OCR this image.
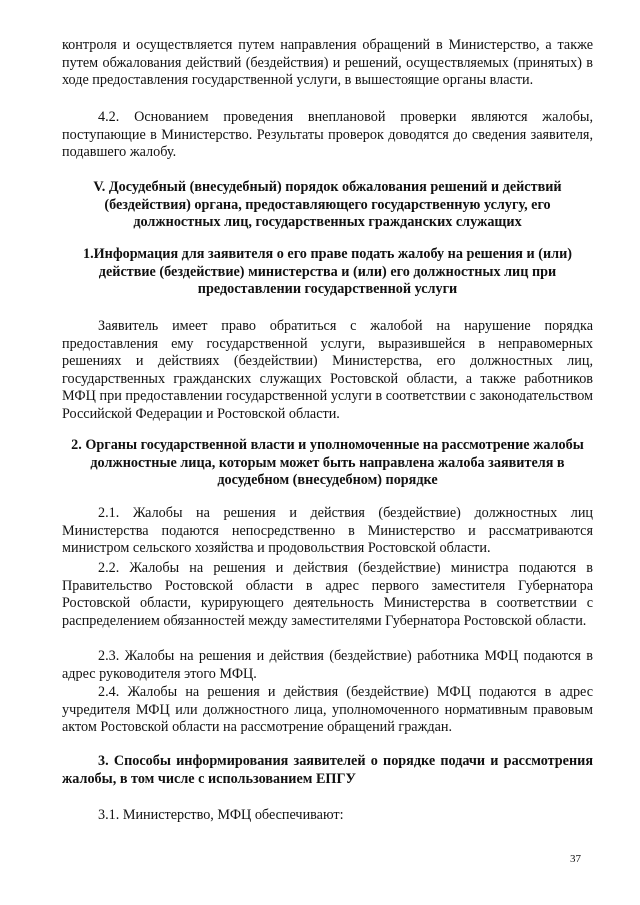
контроля и осуществляется путем направления обращений в Министерство, а также путем обжалования действий (бездействия) и решений, осуществляемых (принятых) в ходе предоставления государственной услуги, в вышестоящие органы власти.

4.2. Основанием проведения внеплановой проверки являются жалобы, поступающие в Министерство. Результаты проверок доводятся до сведения заявителя, подавшего жалобу.

V. Досудебный (внесудебный) порядок обжалования решений и действий (бездействия) органа, предоставляющего государственную услугу, его должностных лиц, государственных гражданских служащих

1.Информация для заявителя о его праве подать жалобу на решения и (или) действие (бездействие) министерства и (или) его должностных лиц при предоставлении государственной услуги

Заявитель имеет право обратиться с жалобой на нарушение порядка предоставления ему государственной услуги, выразившейся в неправомерных решениях и действиях (бездействии) Министерства, его должностных лиц, государственных гражданских служащих Ростовской области, а также работников МФЦ при предоставлении государственной услуги в соответствии с законодательством Российской Федерации и Ростовской области.

2. Органы государственной власти и уполномоченные на рассмотрение жалобы должностные лица, которым может быть направлена жалоба заявителя в досудебном (внесудебном) порядке

2.1. Жалобы на решения и действия (бездействие) должностных лиц Министерства подаются непосредственно в Министерство и рассматриваются министром сельского хозяйства и продовольствия Ростовской области.

2.2. Жалобы на решения и действия (бездействие) министра подаются в Правительство Ростовской области в адрес первого заместителя Губернатора Ростовской области, курирующего деятельность Министерства в соответствии с распределением обязанностей между заместителями Губернатора Ростовской области.

2.3. Жалобы на решения и действия (бездействие) работника МФЦ подаются в адрес руководителя этого МФЦ.

2.4. Жалобы на решения и действия (бездействие) МФЦ подаются в адрес учредителя МФЦ или должностного лица, уполномоченного нормативным правовым актом Ростовской области на рассмотрение обращений граждан.

3. Способы информирования заявителей о порядке подачи и рассмотрения жалобы, в том числе с использованием ЕПГУ

3.1. Министерство, МФЦ обеспечивают:

37
